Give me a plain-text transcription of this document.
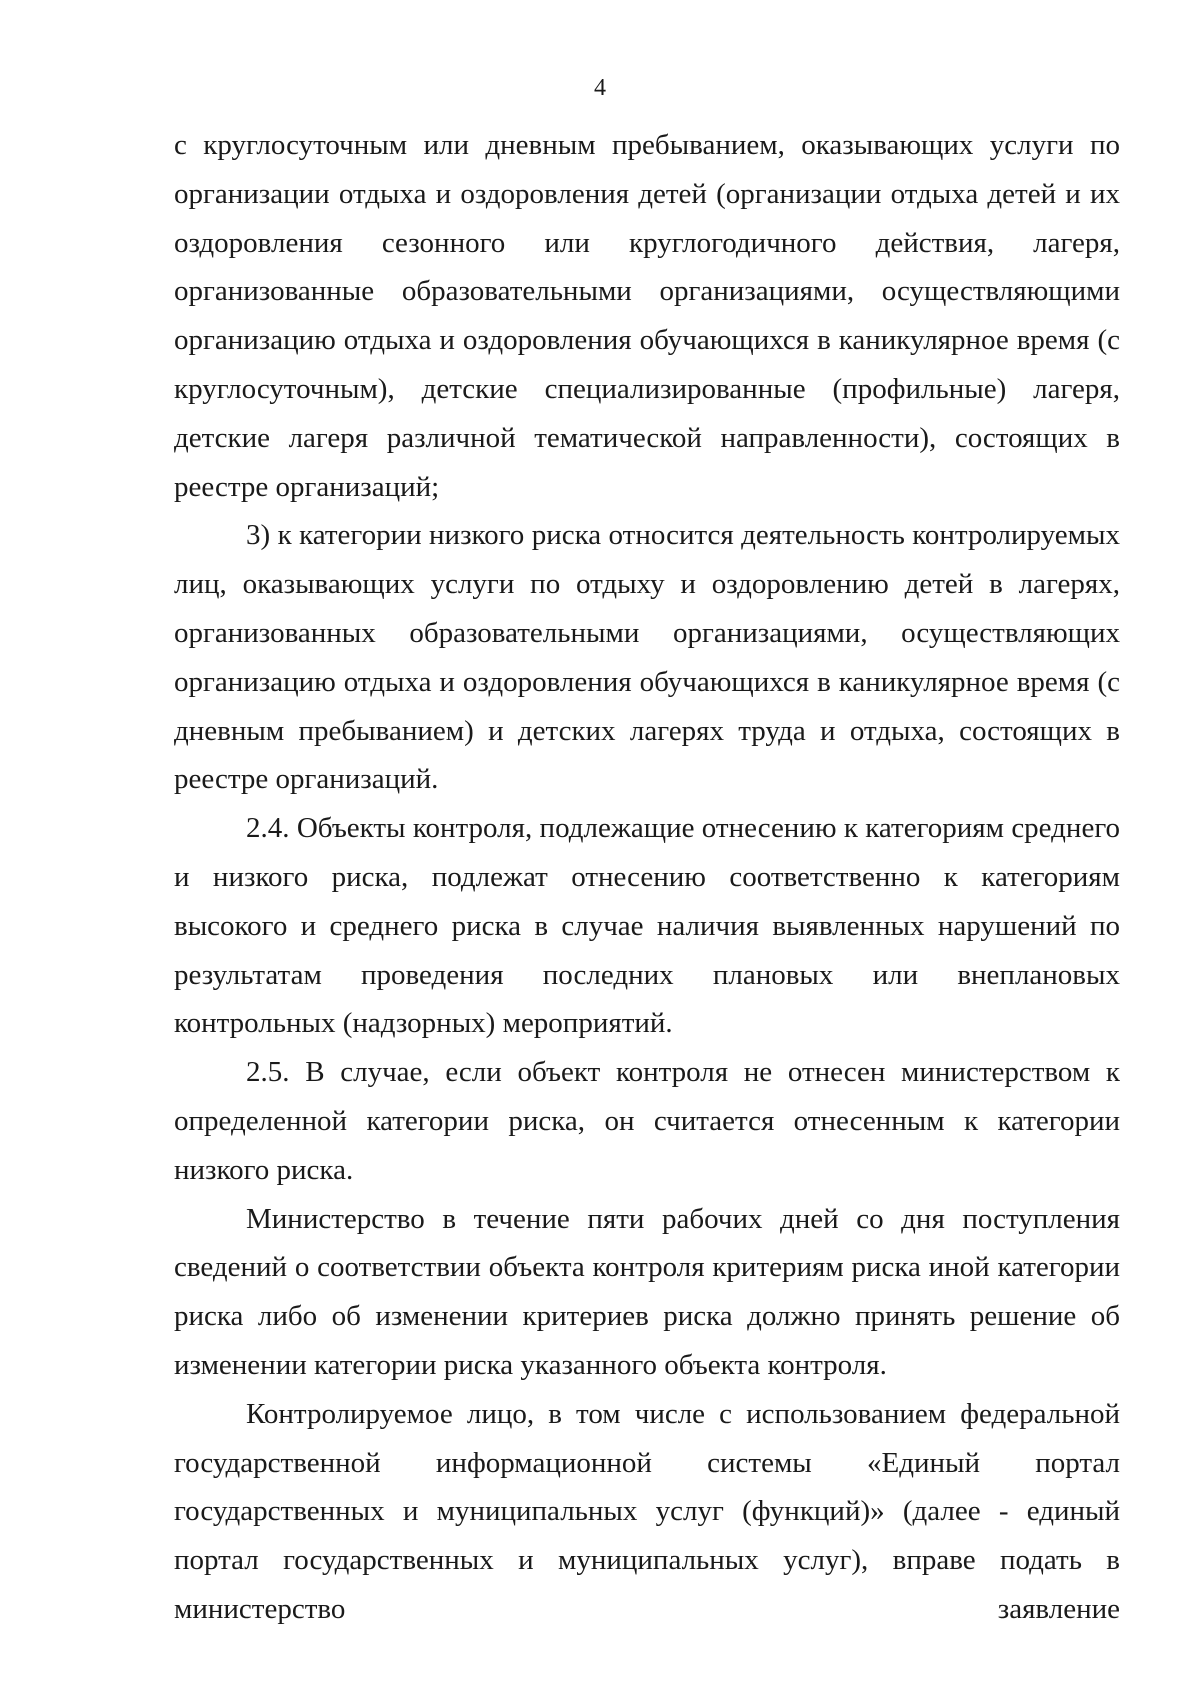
4

с круглосуточным или дневным пребыванием, оказывающих услуги по организации отдыха и оздоровления детей (организации отдыха детей и их оздоровления сезонного или круглогодичного действия, лагеря, организованные образовательными организациями, осуществляющими организацию отдыха и оздоровления обучающихся в каникулярное время (с круглосуточным), детские специализированные (профильные) лагеря, детские лагеря различной тематической направленности), состоящих в реестре организаций;

3) к категории низкого риска относится деятельность контролируемых лиц, оказывающих услуги по отдыху и оздоровлению детей в лагерях, организованных образовательными организациями, осуществляющих организацию отдыха и оздоровления обучающихся в каникулярное время (с дневным пребыванием) и детских лагерях труда и отдыха, состоящих в реестре организаций.

2.4. Объекты контроля, подлежащие отнесению к категориям среднего и низкого риска, подлежат отнесению соответственно к категориям высокого и среднего риска в случае наличия выявленных нарушений по результатам проведения последних плановых или внеплановых контрольных (надзорных) мероприятий.

2.5. В случае, если объект контроля не отнесен министерством к определенной категории риска, он считается отнесенным к категории низкого риска.

Министерство в течение пяти рабочих дней со дня поступления сведений о соответствии объекта контроля критериям риска иной категории риска либо об изменении критериев риска должно принять решение об изменении категории риска указанного объекта контроля.

Контролируемое лицо, в том числе с использованием федеральной государственной информационной системы «Единый портал государственных и муниципальных услуг (функций)» (далее - единый портал государственных и муниципальных услуг), вправе подать в министерство заявление
